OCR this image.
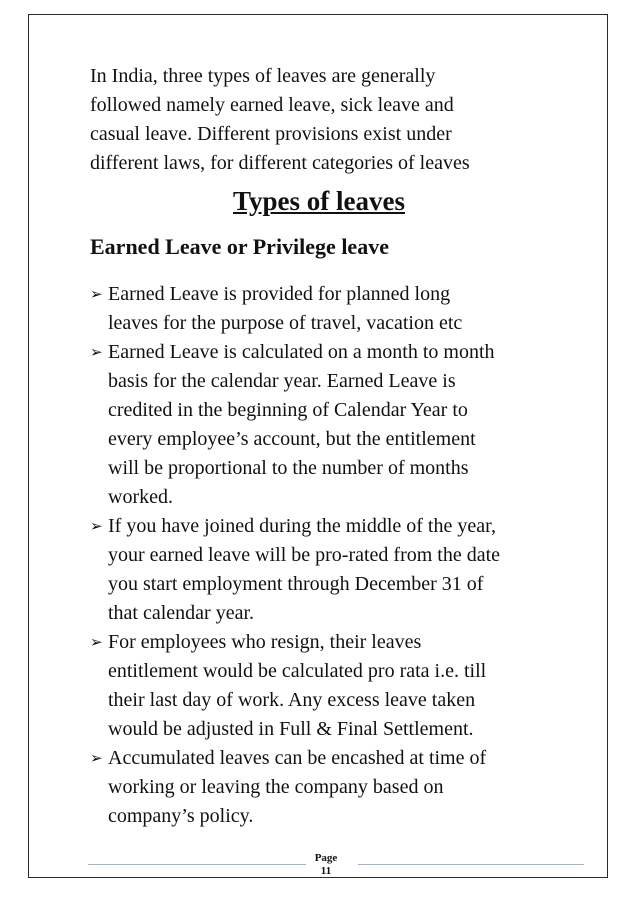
In India, three types of leaves are generally
followed namely earned leave, sick leave and
casual leave. Different provisions exist under
different laws, for different categories of leaves

Types of leaves
Earned Leave or Privilege leave
➢ Earned Leave is provided for planned long
leaves for the purpose of travel, vacation etc
➢ Earned Leave is calculated on a month to month
basis for the calendar year. Earned Leave is
credited in the beginning of Calendar Year to
every employee’s account, but the entitlement
will be proportional to the number of months
worked.
➢ If you have joined during the middle of the year,
your earned leave will be pro-rated from the date
you start employment through December 31 of
that calendar year.
➢ For employees who resign, their leaves
entitlement would be calculated pro rata i.e. till
their last day of work. Any excess leave taken
would be adjusted in Full & Final Settlement.
➢ Accumulated leaves can be encashed at time of
working or leaving the company based on
company’s policy.
Page
11
